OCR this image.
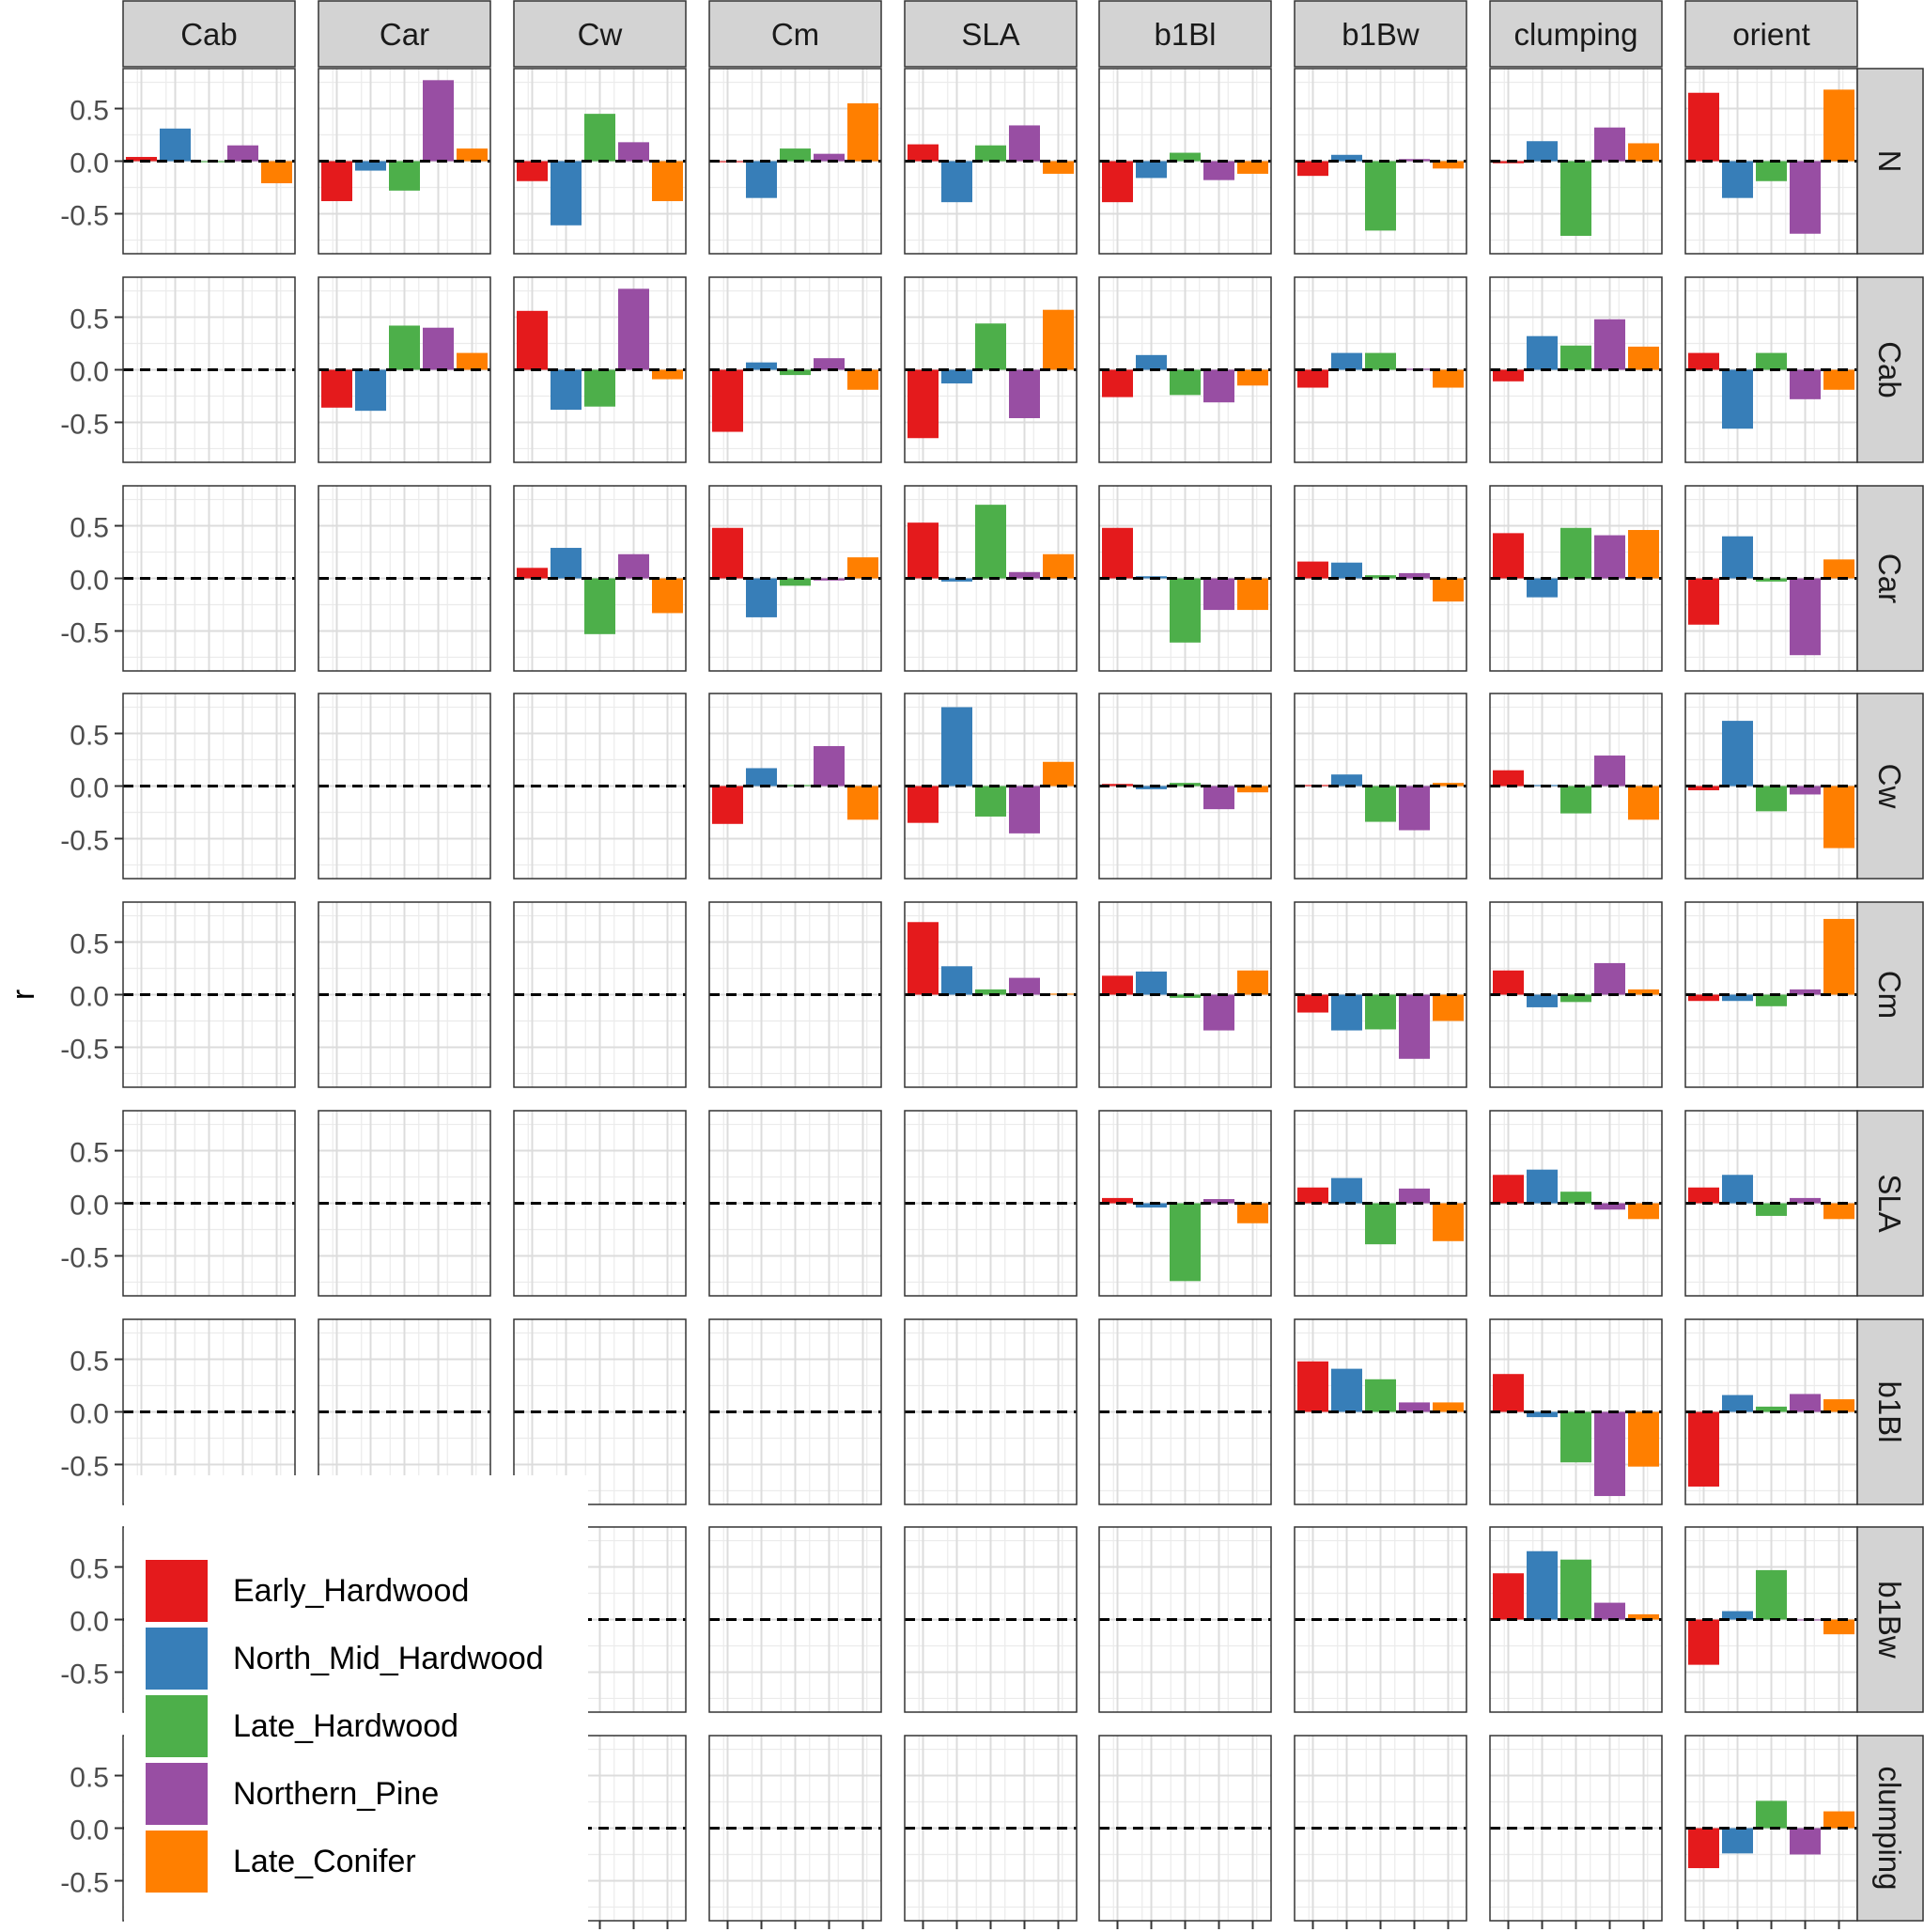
Cab	Car	Cw	Cm	SLA	b1Bl	b1Bw	clumping	orient
N
Cab
Car
Cw
Cm
SLA
b1Bl
b1Bw
clumping
-0.5
0.0
0.5
-0.5
0.0
0.5
-0.5
0.0
0.5
-0.5
0.0
0.5
-0.5
0.0
0.5
-0.5
0.0
0.5
-0.5
0.0
0.5
-0.5
0.0
0.5
-0.5
0.0
0.5
r
Early_Hardwood
North_Mid_Hardwood
Late_Hardwood
Northern_Pine
Late_Conifer
